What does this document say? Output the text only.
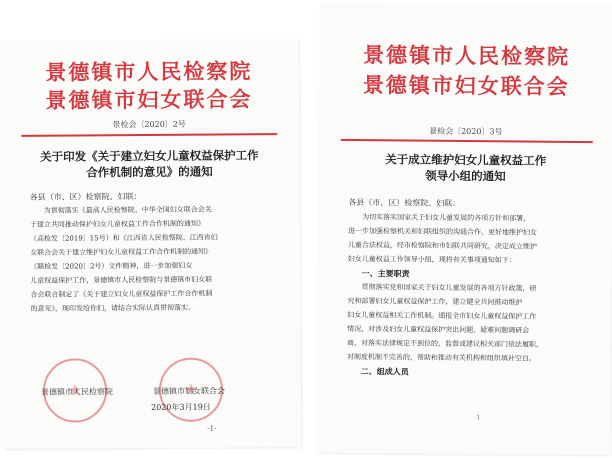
景德镇市人民检察院
景德镇市妇女联合会
景检会〔2020〕2号
关于印发《关于建立妇女儿童权益保护工作
合作机制的意见》的通知
各县（市、区）检察院、妇联：
为贯彻落实《最高人民检察院、中华全国妇女联合会关
于建立共同推动保护妇女儿童权益工作合作机制的通知》
（高检发〔2019〕15号）和《江西省人民检察院、江西省妇
女联合会关于建立维护妇女儿童权益工作合作机制的通知》
（赣检发〔2020〕2号）文件精神，进一步加强妇女
儿童权益保护工作，景德镇市人民检察院与景德镇市妇女联
合会联合制定了《关于建立妇女儿童权益保护工作合作机制
的意见》，现印发给你们，请结合实际认真贯彻落实。
★
★
景德镇市人民检察院	景德镇市妇女联合会
2020年3月19日
-1-
景德镇市人民检察院
景德镇市妇女联合会
景检会〔2020〕3号
关于成立维护妇女儿童权益工作
领导小组的通知
各县（市、区）检察院、妇联：
为切实落实国家关于妇女儿童发展的各项方针和部署，
进一步加强检察机关和妇联组织的沟通合作，更好地维护妇女
儿童合法权益，经市检察院和市妇联共同研究，决定成立维护
妇女儿童权益工作领导小组，现将有关事项通知如下：
一、主要职责
贯彻落实党和国家关于妇女儿童发展的各项方针政策，研
究和部署妇女儿童权益保护工作，建立健全共同推动维护
妇女儿童权益相关工作机制。通报全市妇女儿童权益保护工作
情况，对涉及妇女儿童权益保护突出问题、疑难问题调研会
商，对落实法律规定不到位的，监督或建议相关部门依法履职，
对制度机制不完善的，帮助和推动有关机构和组织填补空白。
二、组成人员
1
